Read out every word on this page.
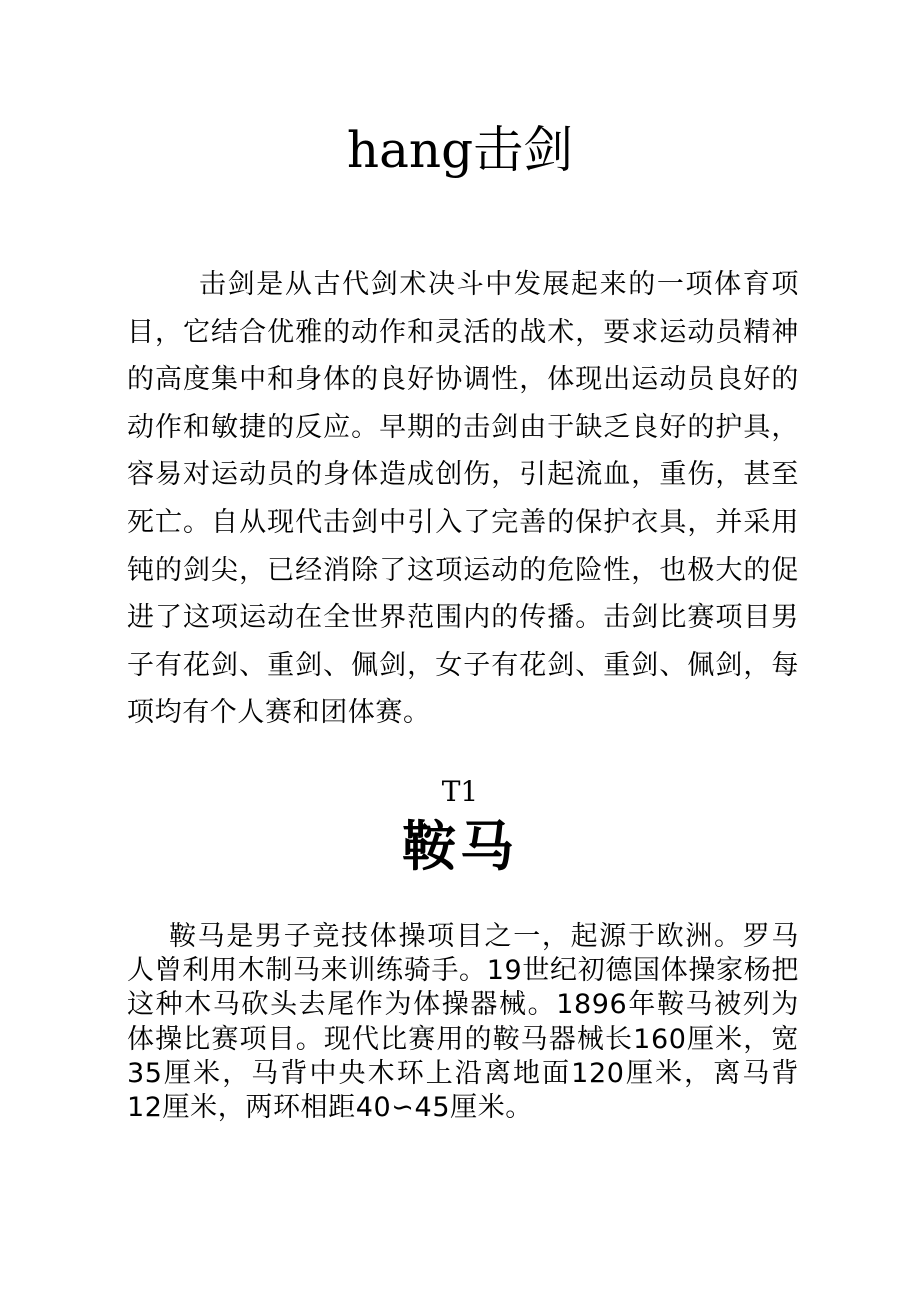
hang击剑

击剑是从古代剑术决斗中发展起来的一项体育项目，它结合优雅的动作和灵活的战术，要求运动员精神的高度集中和身体的良好协调性，体现出运动员良好的动作和敏捷的反应。早期的击剑由于缺乏良好的护具，容易对运动员的身体造成创伤，引起流血，重伤，甚至死亡。自从现代击剑中引入了完善的保护衣具，并采用钝的剑尖，已经消除了这项运动的危险性，也极大的促进了这项运动在全世界范围内的传播。击剑比赛项目男子有花剑、重剑、佩剑，女子有花剑、重剑、佩剑，每项均有个人赛和团体赛。

T1
鞍马

鞍马是男子竞技体操项目之一，起源于欧洲。罗马人曾利用木制马来训练骑手。19世纪初德国体操家杨把这种木马砍头去尾作为体操器械。1896年鞍马被列为体操比赛项目。现代比赛用的鞍马器械长160厘米，宽35厘米，马背中央木环上沿离地面120厘米，离马背12厘米，两环相距40∽45厘米。
